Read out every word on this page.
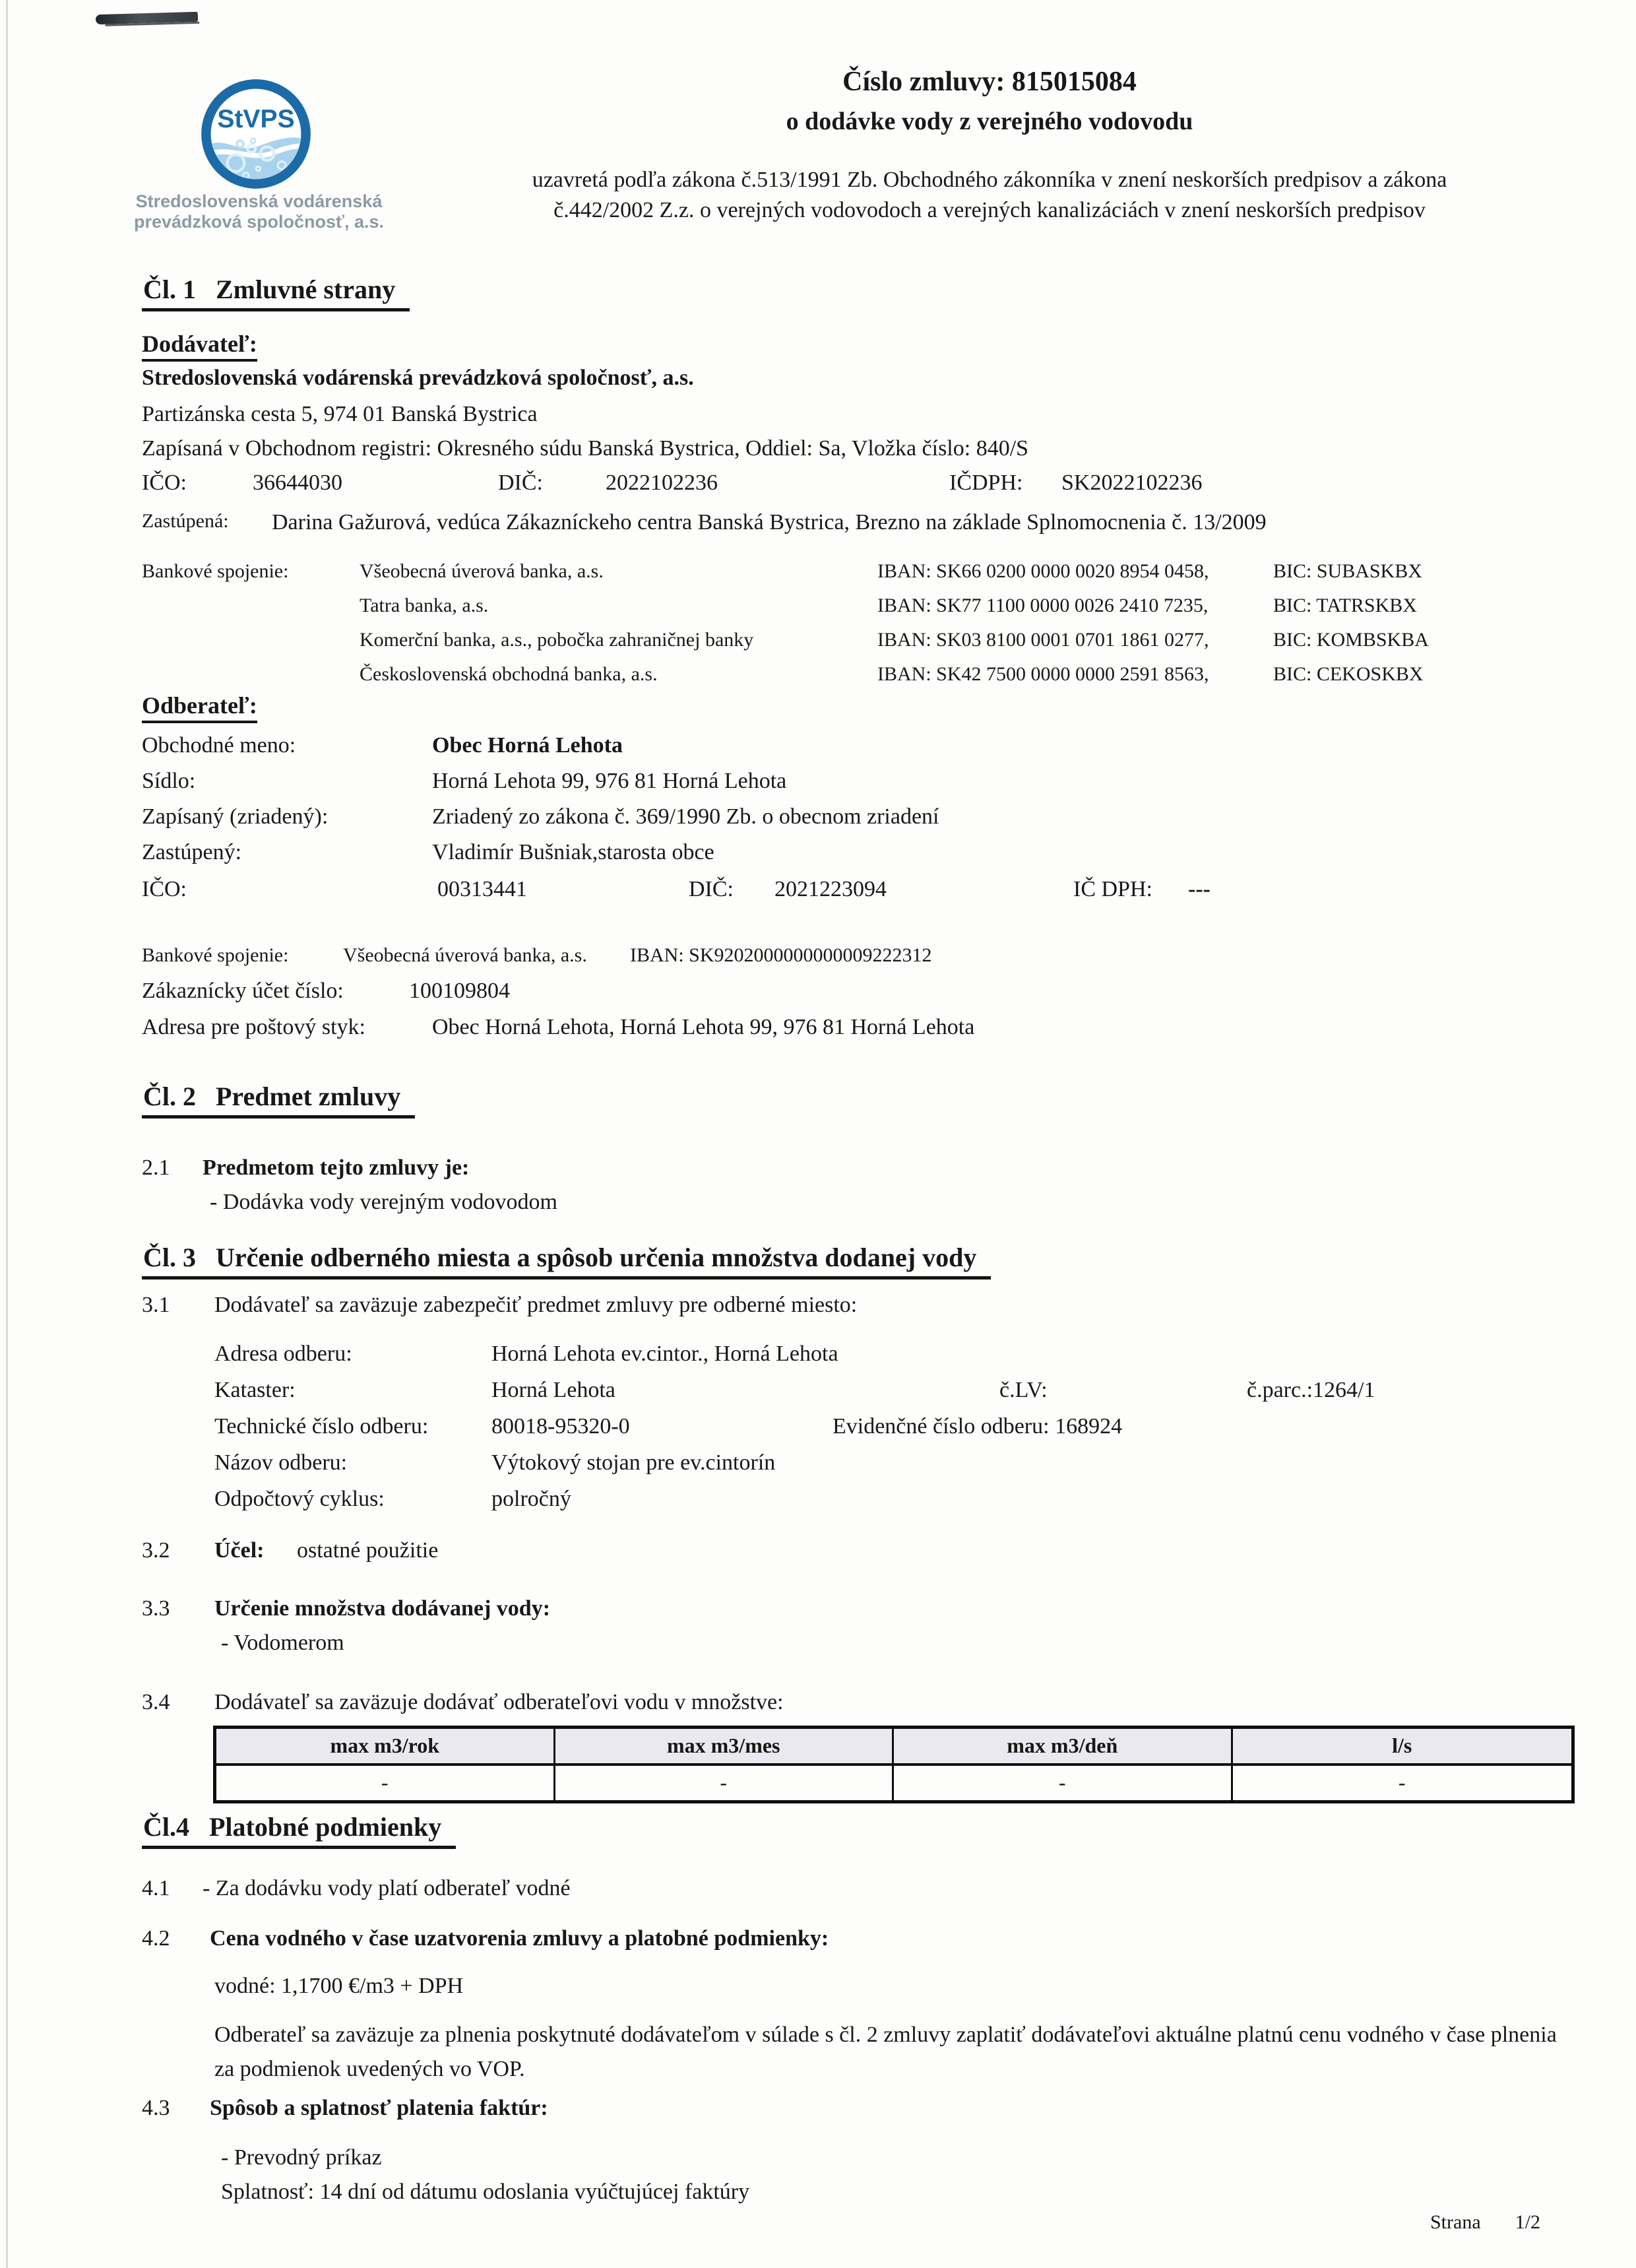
StVPS
Stredoslovenská vodárenská
prevádzková spoločnosť, a.s.
Číslo zmluvy: 815015084
o dodávke vody z verejného vodovodu
uzavretá podľa zákona č.513/1991 Zb. Obchodného zákonníka v znení neskorších predpisov a zákona
č.442/2002 Z.z. o verejných vodovodoch a verejných kanalizáciách v znení neskorších predpisov
Čl. 1 Zmluvné strany
Dodávateľ:
Stredoslovenská vodárenská prevádzková spoločnosť, a.s.
Partizánska cesta 5, 974 01 Banská Bystrica
Zapísaná v Obchodnom registri: Okresného súdu Banská Bystrica, Oddiel: Sa, Vložka číslo: 840/S
IČO:	36644030	DIČ:	2022102236	IČDPH:	SK2022102236
Zastúpená:	Darina Gažurová, vedúca Zákazníckeho centra Banská Bystrica, Brezno na základe Splnomocnenia č. 13/2009
Bankové spojenie:	Všeobecná úverová banka, a.s.	IBAN: SK66 0200 0000 0020 8954 0458,	BIC: SUBASKBX
Tatra banka, a.s.	IBAN: SK77 1100 0000 0026 2410 7235,	BIC: TATRSKBX
Komerční banka, a.s., pobočka zahraničnej banky	IBAN: SK03 8100 0001 0701 1861 0277,	BIC: KOMBSKBA
Československá obchodná banka, a.s.	IBAN: SK42 7500 0000 0000 2591 8563,	BIC: CEKOSKBX
Odberateľ:
Obchodné meno:	Obec Horná Lehota
Sídlo:	Horná Lehota 99, 976 81 Horná Lehota
Zapísaný (zriadený):	Zriadený zo zákona č. 369/1990 Zb. o obecnom zriadení
Zastúpený:	Vladimír Bušniak,starosta obce
IČO:	00313441	DIČ:	2021223094	IČ DPH:	---
Bankové spojenie:	Všeobecná úverová banka, a.s.	IBAN: SK9202000000000009222312
Zákaznícky účet číslo:	100109804
Adresa pre poštový styk:	Obec Horná Lehota, Horná Lehota 99, 976 81 Horná Lehota
Čl. 2 Predmet zmluvy
2.1 Predmetom tejto zmluvy je:
- Dodávka vody verejným vodovodom
Čl. 3 Určenie odberného miesta a spôsob určenia množstva dodanej vody
3.1 Dodávateľ sa zaväzuje zabezpečiť predmet zmluvy pre odberné miesto:
Adresa odberu:	Horná Lehota ev.cintor., Horná Lehota
Kataster:	Horná Lehota	č.LV:	č.parc.:1264/1
Technické číslo odberu:	80018-95320-0	Evidenčné číslo odberu: 168924
Názov odberu:	Výtokový stojan pre ev.cintorín
Odpočtový cyklus:	polročný
3.2 Účel: ostatné použitie
3.3 Určenie množstva dodávanej vody:
- Vodomerom
3.4 Dodávateľ sa zaväzuje dodávať odberateľovi vodu v množstve:
max m3/rok	max m3/mes	max m3/deň	l/s
-	-	-	-
Čl.4 Platobné podmienky
4.1 - Za dodávku vody platí odberateľ vodné
4.2 Cena vodného v čase uzatvorenia zmluvy a platobné podmienky:
vodné: 1,1700 €/m3 + DPH
Odberateľ sa zaväzuje za plnenia poskytnuté dodávateľom v súlade s čl. 2 zmluvy zaplatiť dodávateľovi aktuálne platnú cenu vodného v čase plnenia za podmienok uvedených vo VOP.
4.3 Spôsob a splatnosť platenia faktúr:
- Prevodný príkaz
Splatnosť: 14 dní od dátumu odoslania vyúčtujúcej faktúry
Strana 1/2
